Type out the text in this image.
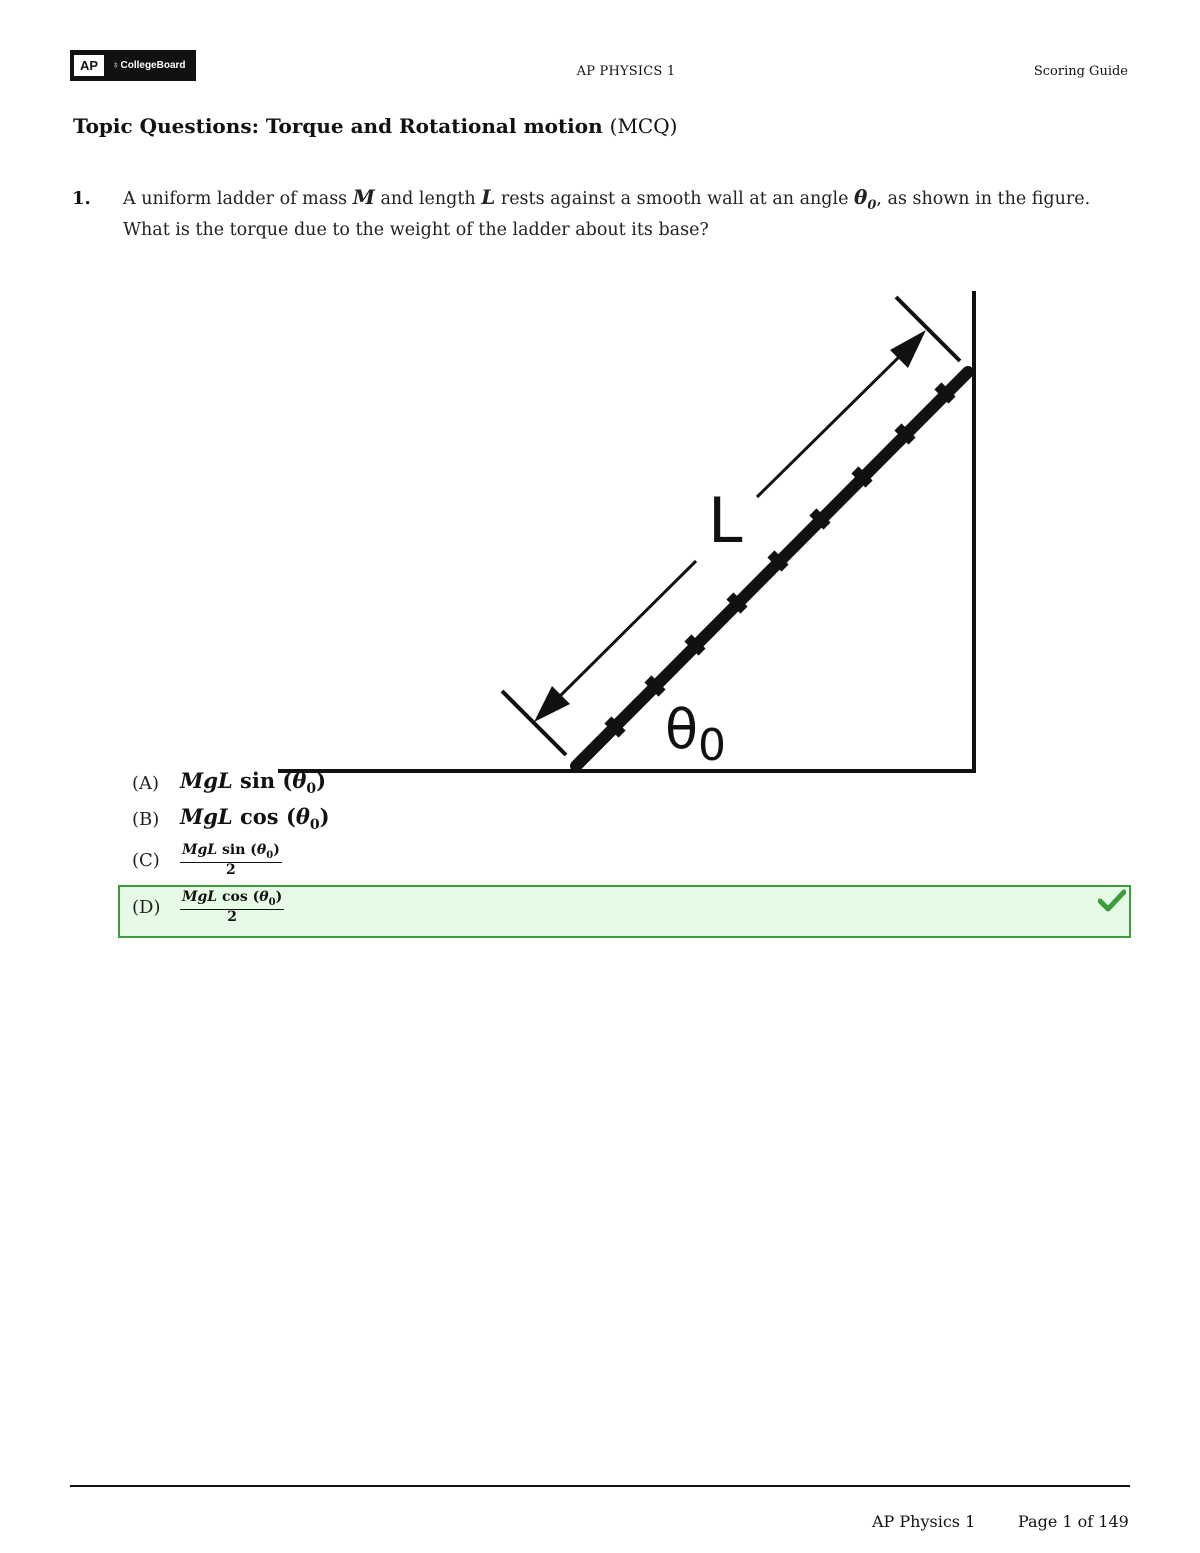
AP	♁CollegeBoard	AP PHYSICS 1	Scoring Guide
Topic Questions: Torque and Rotational motion (MCQ)
1. A uniform ladder of mass M and length L rests against a smooth wall at an angle $\theta_0$, as shown in the figure. What is the torque due to the weight of the ladder about its base?
L
$\theta_0$
(A) MgL $\sin (\theta_0)$
(B) MgL $\cos (\theta_0)$
(C)	$\frac{MgL \sin (\theta_0)}{2}$
(D)	$\frac{MgL \cos (\theta_0)}{2}$
AP Physics 1	Page 1 of 149
